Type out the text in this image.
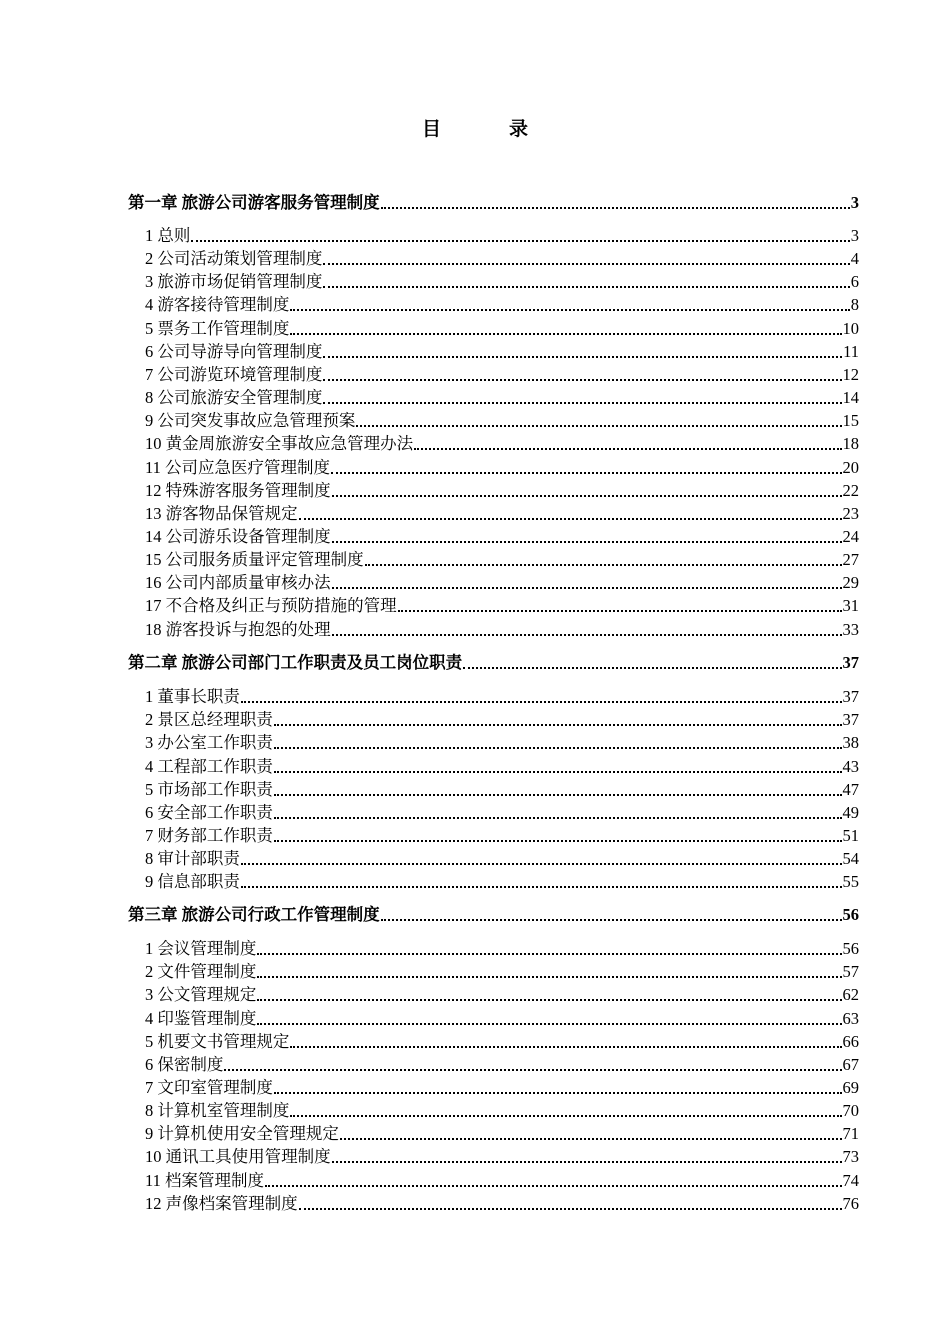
目	录
第一章 旅游公司游客服务管理制度	3
1 总则	3
2 公司活动策划管理制度	4
3 旅游市场促销管理制度	6
4 游客接待管理制度	8
5 票务工作管理制度	10
6 公司导游导向管理制度	11
7 公司游览环境管理制度	12
8 公司旅游安全管理制度	14
9 公司突发事故应急管理预案	15
10 黄金周旅游安全事故应急管理办法	18
11 公司应急医疗管理制度	20
12 特殊游客服务管理制度	22
13 游客物品保管规定	23
14 公司游乐设备管理制度	24
15 公司服务质量评定管理制度	27
16 公司内部质量审核办法	29
17 不合格及纠正与预防措施的管理	31
18 游客投诉与抱怨的处理	33
第二章 旅游公司部门工作职责及员工岗位职责	37
1 董事长职责	37
2 景区总经理职责	37
3 办公室工作职责	38
4 工程部工作职责	43
5 市场部工作职责	47
6 安全部工作职责	49
7 财务部工作职责	51
8 审计部职责	54
9 信息部职责	55
第三章 旅游公司行政工作管理制度	56
1 会议管理制度	56
2 文件管理制度	57
3 公文管理规定	62
4 印鉴管理制度	63
5 机要文书管理规定	66
6 保密制度	67
7 文印室管理制度	69
8 计算机室管理制度	70
9 计算机使用安全管理规定	71
10 通讯工具使用管理制度	73
11 档案管理制度	74
12 声像档案管理制度	76
